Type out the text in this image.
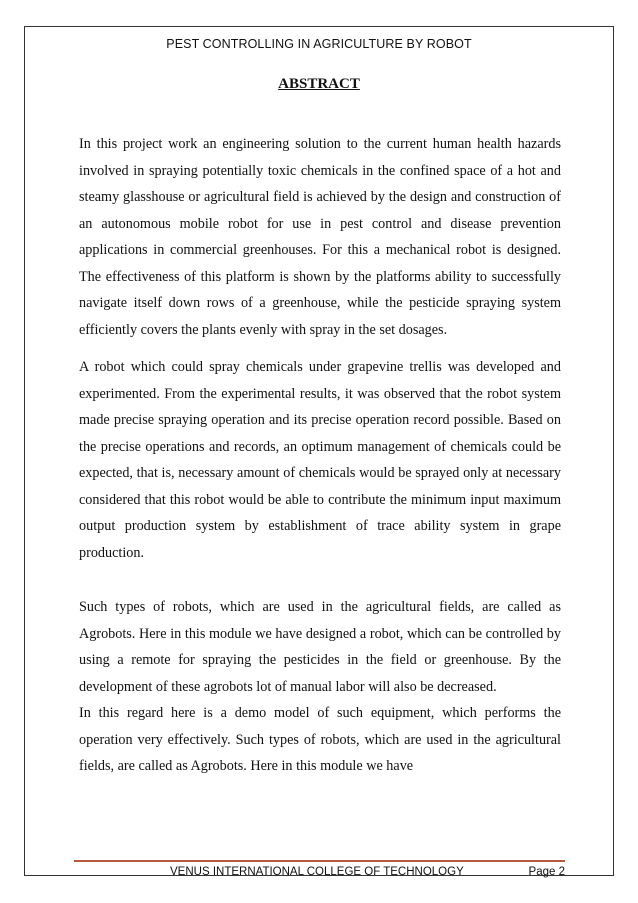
PEST CONTROLLING IN AGRICULTURE BY ROBOT
ABSTRACT

In this project work an engineering solution to the current human health hazards involved in spraying potentially toxic chemicals in the confined space of a hot and steamy glasshouse or agricultural field is achieved by the design and construction of an autonomous mobile robot for use in pest control and disease prevention applications in commercial greenhouses. For this a mechanical robot is designed. The effectiveness of this platform is shown by the platforms ability to successfully navigate itself down rows of a greenhouse, while the pesticide spraying system efficiently covers the plants evenly with spray in the set dosages.

A robot which could spray chemicals under grapevine trellis was developed and experimented. From the experimental results, it was observed that the robot system made precise spraying operation and its precise operation record possible. Based on the precise operations and records, an optimum management of chemicals could be expected, that is, necessary amount of chemicals would be sprayed only at necessary considered that this robot would be able to contribute the minimum input maximum output production system by establishment of trace ability system in grape production.

Such types of robots, which are used in the agricultural fields, are called as Agrobots. Here in this module we have designed a robot, which can be controlled by using a remote for spraying the pesticides in the field or greenhouse. By the development of these agrobots lot of manual labor will also be decreased.

In this regard here is a demo model of such equipment, which performs the operation very effectively. Such types of robots, which are used in the agricultural fields, are called as Agrobots. Here in this module we have

VENUS INTERNATIONAL COLLEGE OF TECHNOLOGY	Page 2
